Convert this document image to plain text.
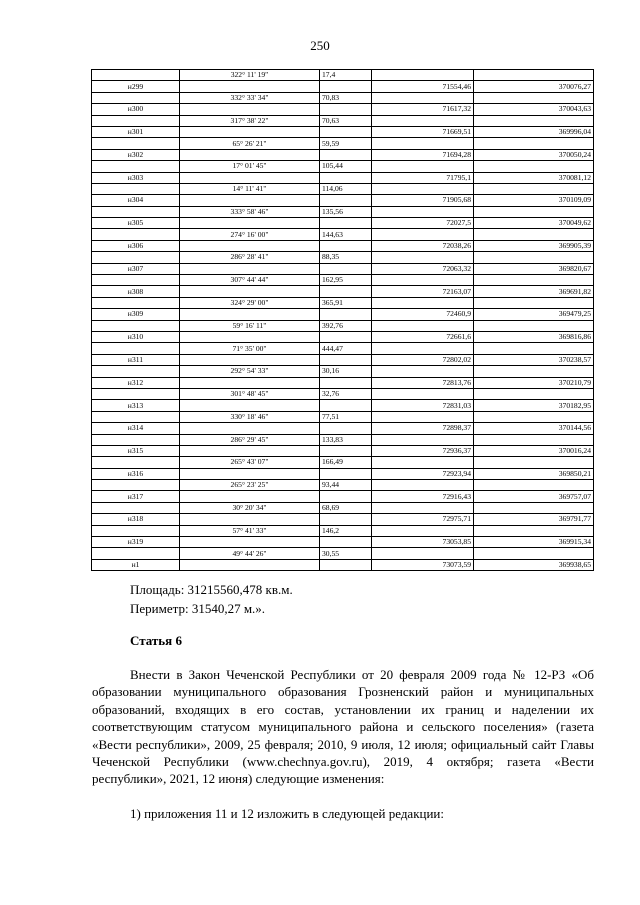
250
	322° 11' 19"	17,4		
н299			71554,46	370076,27
	332° 33' 34"	70,83		
н300			71617,32	370043,63
	317° 38' 22"	70,63		
н301			71669,51	369996,04
	65° 26' 21"	59,59		
н302			71694,28	370050,24
	17° 01' 45"	105,44		
н303			71795,1	370081,12
	14° 11' 41"	114,06		
н304			71905,68	370109,09
	333° 58' 46"	135,56		
н305			72027,5	370049,62
	274° 16' 00"	144,63		
н306			72038,26	369905,39
	286° 28' 41"	88,35		
н307			72063,32	369820,67
	307° 44' 44"	162,95		
н308			72163,07	369691,82
	324° 29' 00"	365,91		
н309			72460,9	369479,25
	59° 16' 11"	392,76		
н310			72661,6	369816,86
	71° 35' 00"	444,47		
н311			72802,02	370238,57
	292° 54' 33"	30,16		
н312			72813,76	370210,79
	301° 48' 45"	32,76		
н313			72831,03	370182,95
	330° 18' 46"	77,51		
н314			72898,37	370144,56
	286° 29' 45"	133,83		
н315			72936,37	370016,24
	265° 43' 07"	166,49		
н316			72923,94	369850,21
	265° 23' 25"	93,44		
н317			72916,43	369757,07
	30° 20' 34"	68,69		
н318			72975,71	369791,77
	57° 41' 33"	146,2		
н319			73053,85	369915,34
	49° 44' 26"	30,55		
н1			73073,59	369938,65
Площадь: 31215560,478 кв.м.
Периметр: 31540,27 м.».
Статья 6
Внести в Закон Чеченской Республики от 20 февраля 2009 года № 12-РЗ «Об образовании муниципального образования Грозненский район и муниципальных образований, входящих в его состав, установлении их границ и наделении их соответствующим статусом муниципального района и сельского поселения» (газета «Вести республики», 2009, 25 февраля; 2010, 9 июля, 12 июля; официальный сайт Главы Чеченской Республики (www.chechnya.gov.ru), 2019, 4 октября; газета «Вести республики», 2021, 12 июня) следующие изменения:
1) приложения 11 и 12 изложить в следующей редакции:
